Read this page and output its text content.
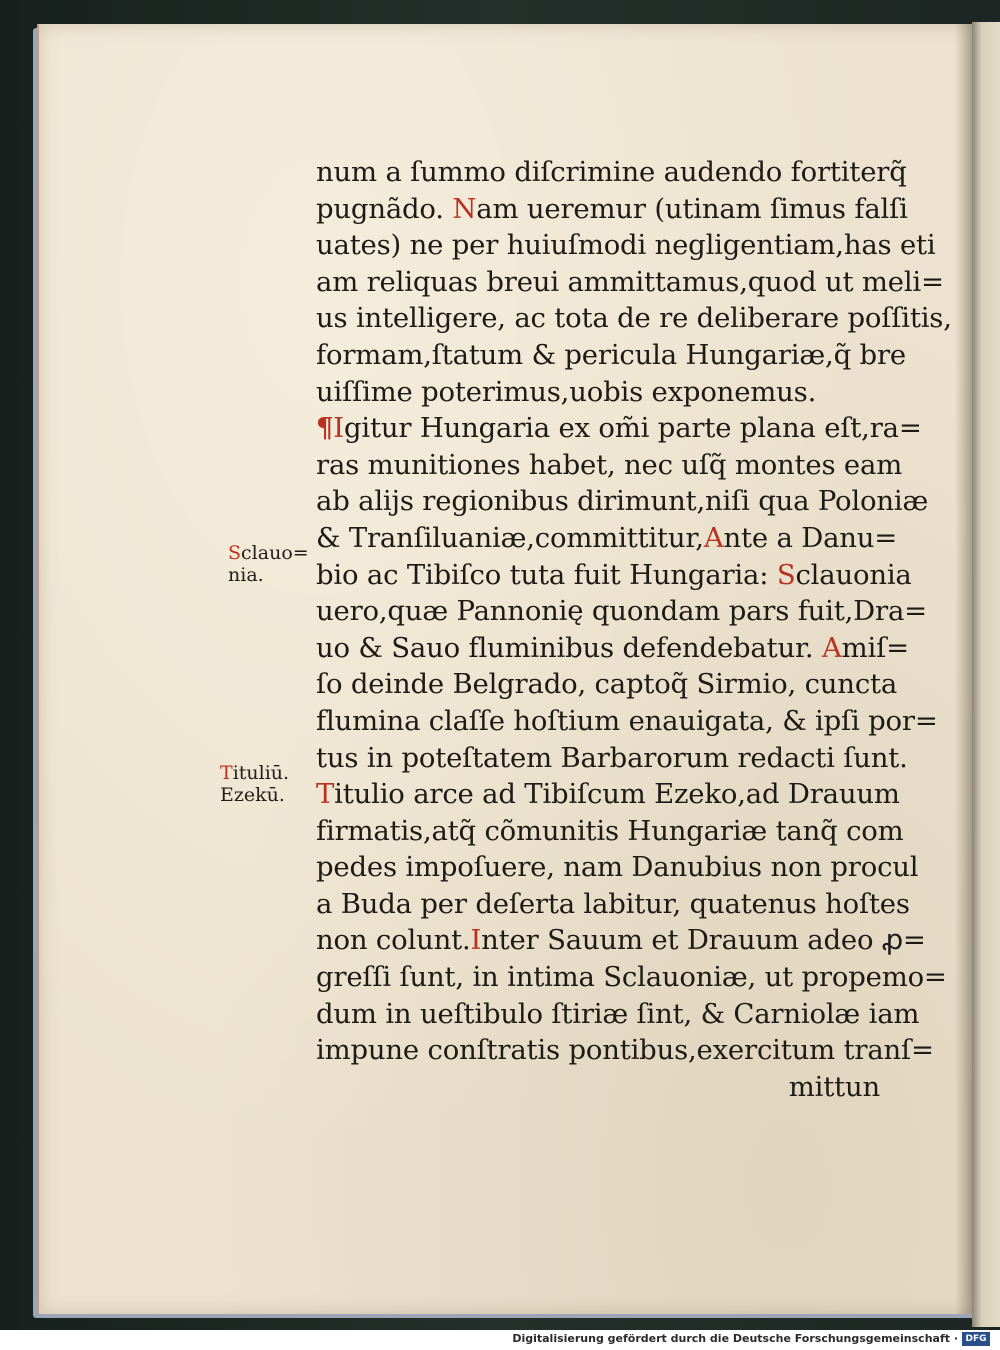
Sclauo=
nia.
Tituliū.
Ezekū.
num a ſummo diſcrimine audendo fortiterq̃
pugnãdo. Nam ueremur (utinam ſimus falſi
uates) ne per huiuſmodi negligentiam,has eti
am reliquas breui ammittamus,quod ut meli=
us intelligere, ac tota de re deliberare poſſitis,
formam,ſtatum & pericula Hungariæ,q̃ bre
uiſſime poterimus,uobis exponemus.
¶Igitur Hungaria ex om̃i parte plana eſt,ra=
ras munitiones habet, nec uſq̃ montes eam
ab alijs regionibus dirimunt,niſi qua Poloniæ
& Tranſiluaniæ,committitur,Ante a Danu=
bio ac Tibiſco tuta fuit Hungaria: Sclauonia
uero,quæ Pannonię quondam pars fuit,Dra=
uo & Sauo fluminibus defendebatur. Amiſ=
ſo deinde Belgrado, captoq̃ Sirmio, cuncta
flumina claſſe hoſtium enauigata, & ipſi por=
tus in poteſtatem Barbarorum redacti ſunt.
Titulio arce ad Tibiſcum Ezeko,ad Drauum
firmatis,atq̃ cõmunitis Hungariæ tanq̃ com
pedes impoſuere, nam Danubius non procul
a Buda per deſerta labitur, quatenus hoſtes
non colunt.Inter Sauum et Drauum adeo ꝓ=
greſſi ſunt, in intima Sclauoniæ, ut propemo=
dum in ueſtibulo ſtiriæ ſint, & Carniolæ iam
impune conſtratis pontibus,exercitum tranſ=
mittun
Digitalisierung gefördert durch die Deutsche Forschungsgemeinschaft · DFG
